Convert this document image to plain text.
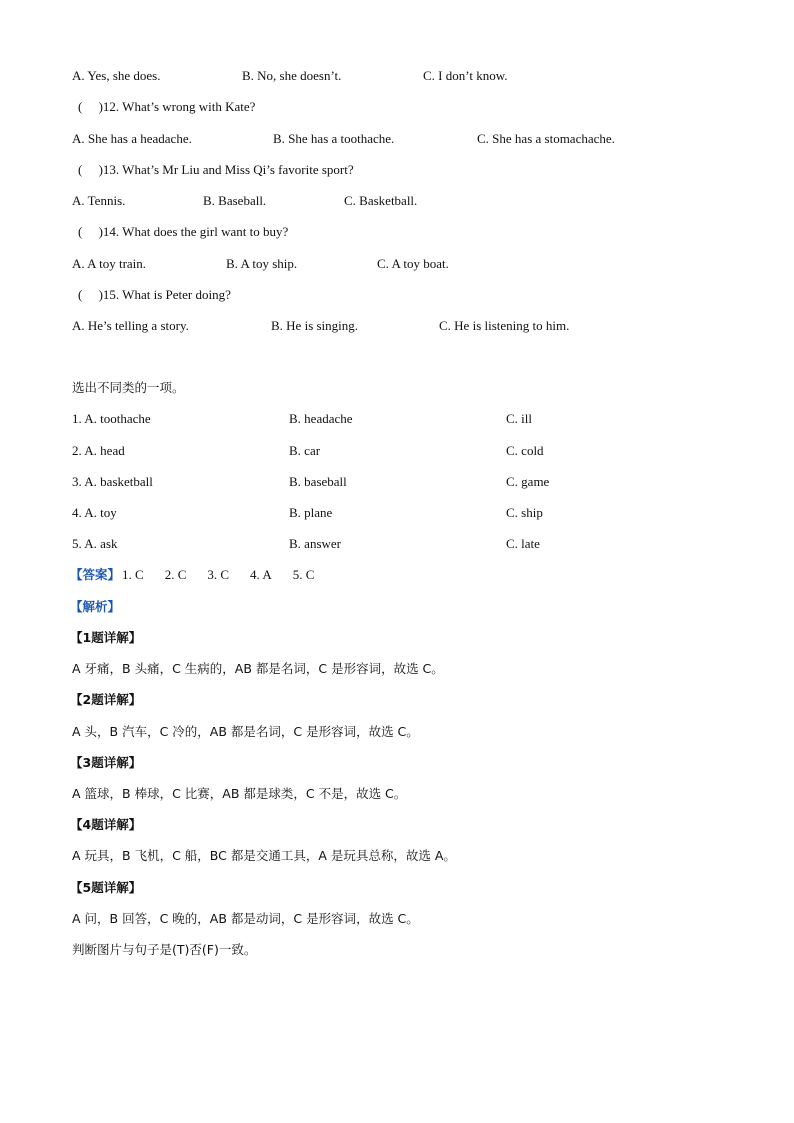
A. Yes, she does.	B. No, she doesn’t.	C. I don’t know.
(     )12. What’s wrong with Kate?
A. She has a headache.	B. She has a toothache.	C. She has a stomachache.
(     )13. What’s Mr Liu and Miss Qi’s favorite sport?
A. Tennis.	B. Baseball.	C. Basketball.
(     )14. What does the girl want to buy?
A. A toy train.	B. A toy ship.	C. A toy boat.
(     )15. What is Peter doing?
A. He’s telling a story.	B. He is singing.	C. He is listening to him.
选出不同类的一项。
1. A. toothache	B. headache	C. ill
2. A. head	B. car	C. cold
3. A. basketball	B. baseball	C. game
4. A. toy	B. plane	C. ship
5. A. ask	B. answer	C. late
【答案】 1. C 2. C 3. C 4. A 5. C
【解析】
【1题详解】
A 牙痛，B 头痛，C 生病的，AB 都是名词，C 是形容词，故选 C。
【2题详解】
A 头，B 汽车，C 冷的，AB 都是名词，C 是形容词，故选 C。
【3题详解】
A 篮球，B 棒球，C 比赛，AB 都是球类，C 不是，故选 C。
【4题详解】
A 玩具，B 飞机，C 船，BC 都是交通工具，A 是玩具总称，故选 A。
【5题详解】
A 问，B 回答，C 晚的，AB 都是动词，C 是形容词，故选 C。
判断图片与句子是(T)否(F)一致。
